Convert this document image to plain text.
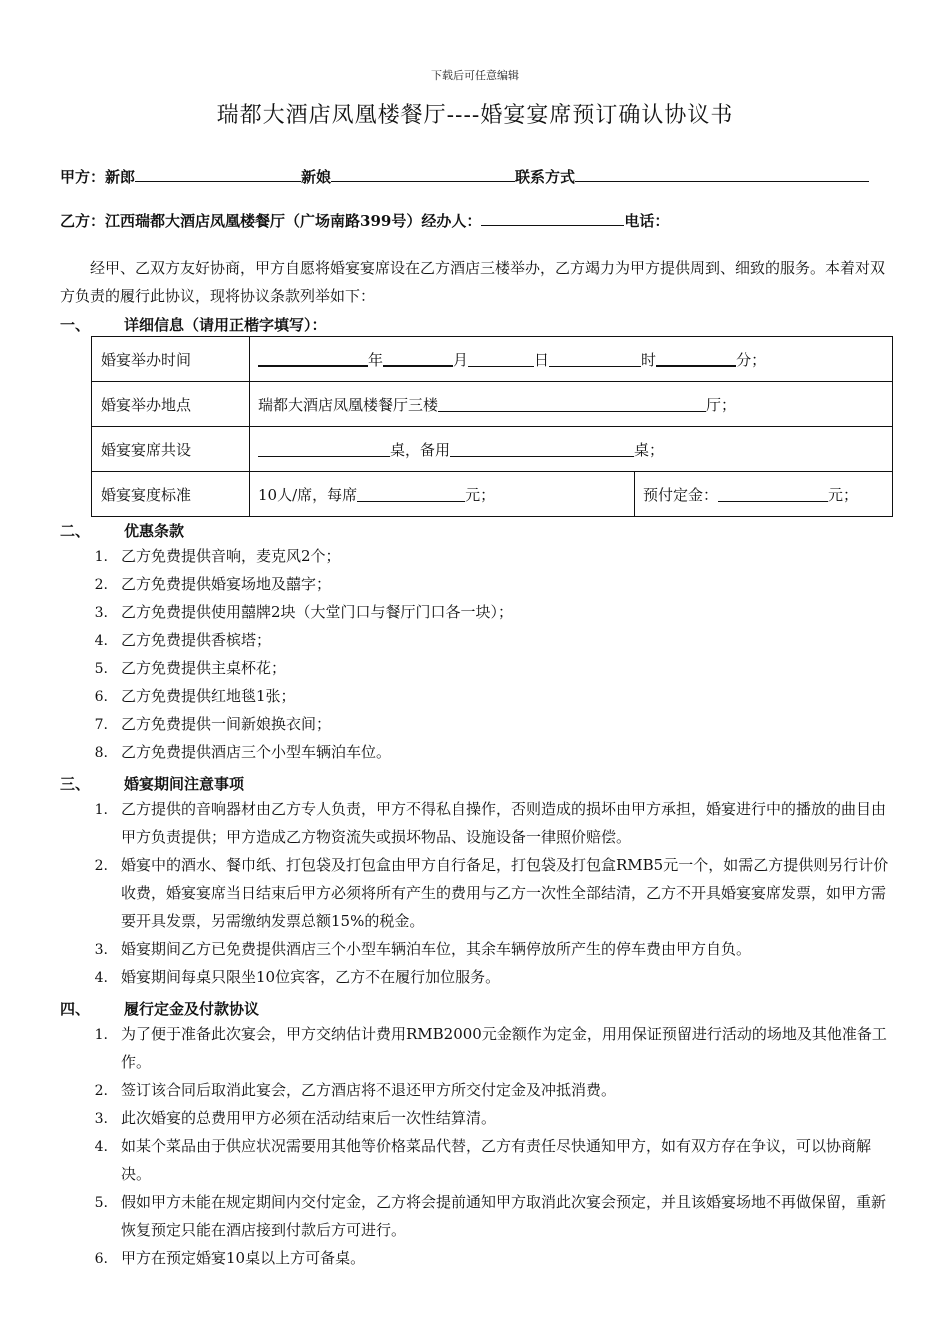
下载后可任意编辑
瑞都大酒店凤凰楼餐厅----婚宴宴席预订确认协议书
甲方：新郎	新娘	联系方式
乙方：江西瑞都大酒店凤凰楼餐厅（广场南路399号）经办人：	电话：
经甲、乙双方友好协商，甲方自愿将婚宴宴席设在乙方酒店三楼举办，乙方竭力为甲方提供周到、细致的服务。本着对双方负责的履行此协议，现将协议条款列举如下：
一、 详细信息（请用正楷字填写）：
婚宴举办时间	年 月 日 时 分；	
婚宴举办地点	瑞都大酒店凤凰楼餐厅三楼 厅；	
婚宴宴席共设	桌，备用 桌；	
婚宴宴度标准	10人/席，每席 元；	预付定金： 元；
二、 优惠条款
1. 乙方免费提供音响，麦克风2个；
2. 乙方免费提供婚宴场地及囍字；
3. 乙方免费提供使用囍牌2块（大堂门口与餐厅门口各一块）；
4. 乙方免费提供香槟塔；
5. 乙方免费提供主桌杯花；
6. 乙方免费提供红地毯1张；
7. 乙方免费提供一间新娘换衣间；
8. 乙方免费提供酒店三个小型车辆泊车位。
三、 婚宴期间注意事项
1. 乙方提供的音响器材由乙方专人负责，甲方不得私自操作，否则造成的损坏由甲方承担，婚宴进行中的播放的曲目由甲方负责提供；甲方造成乙方物资流失或损坏物品、设施设备一律照价赔偿。
2. 婚宴中的酒水、餐巾纸、打包袋及打包盒由甲方自行备足，打包袋及打包盒RMB5元一个，如需乙方提供则另行计价收费，婚宴宴席当日结束后甲方必须将所有产生的费用与乙方一次性全部结清，乙方不开具婚宴宴席发票，如甲方需要开具发票，另需缴纳发票总额15%的税金。
3. 婚宴期间乙方已免费提供酒店三个小型车辆泊车位，其余车辆停放所产生的停车费由甲方自负。
4. 婚宴期间每桌只限坐10位宾客，乙方不在履行加位服务。
四、 履行定金及付款协议
1. 为了便于准备此次宴会，甲方交纳估计费用RMB2000元金额作为定金，用用保证预留进行活动的场地及其他准备工作。
2. 签订该合同后取消此宴会，乙方酒店将不退还甲方所交付定金及冲抵消费。
3. 此次婚宴的总费用甲方必须在活动结束后一次性结算清。
4. 如某个菜品由于供应状况需要用其他等价格菜品代替，乙方有责任尽快通知甲方，如有双方存在争议，可以协商解决。
5. 假如甲方未能在规定期间内交付定金，乙方将会提前通知甲方取消此次宴会预定，并且该婚宴场地不再做保留，重新恢复预定只能在酒店接到付款后方可进行。
6. 甲方在预定婚宴10桌以上方可备桌。
